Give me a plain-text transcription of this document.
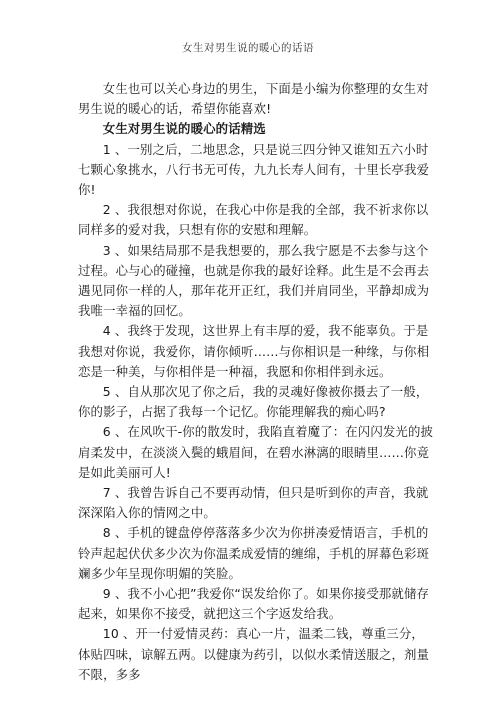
女生对男生说的暖心的话语

女生也可以关心身边的男生，下面是小编为你整理的女生对男生说的暖心的话，希望你能喜欢!

女生对男生说的暖心的话精选

1 、一别之后，二地思念，只是说三四分钟又谁知五六小时七颗心象挑水，八行书无可传，九九长寿人间有，十里长亭我爱你!

2 、我很想对你说，在我心中你是我的全部，我不祈求你以同样多的爱对我，只想有你的安慰和理解。

3 、如果结局那不是我想要的，那么我宁愿是不去参与这个过程。心与心的碰撞，也就是你我的最好诠释。此生是不会再去遇见同你一样的人，那年花开正红，我们并肩同坐，平静却成为我唯一幸福的回忆。

4 、我终于发现，这世界上有丰厚的爱，我不能辜负。于是我想对你说，我爱你，请你倾听……与你相识是一种缘，与你相恋是一种美，与你相伴是一种福，我愿和你相伴到永远。

5 、自从那次见了你之后，我的灵魂好像被你摄去了一般，你的影子，占据了我每一个记忆。你能理解我的痴心吗?

6 、在风吹干-你的散发时，我陷直着魔了：在闪闪发光的披肩柔发中，在淡淡入鬓的蛾眉间，在碧水淋漓的眼睛里……你竟是如此美丽可人!

7 、我曾告诉自己不要再动情，但只是听到你的声音，我就深深陷入你的情网之中。

8 、手机的键盘停停落落多少次为你拼凑爱情语言，手机的铃声起起伏伏多少次为你温柔成爱情的缠绵，手机的屏幕色彩斑斓多少年呈现你明媚的笑脸。

9 、我不小心把”我爱你“误发给你了。如果你接受那就储存起来，如果你不接受，就把这三个字返发给我。

10 、开一付爱情灵药：真心一片，温柔二钱，尊重三分，体贴四味，谅解五两。以健康为药引，以似水柔情送服之，剂量不限，多多
